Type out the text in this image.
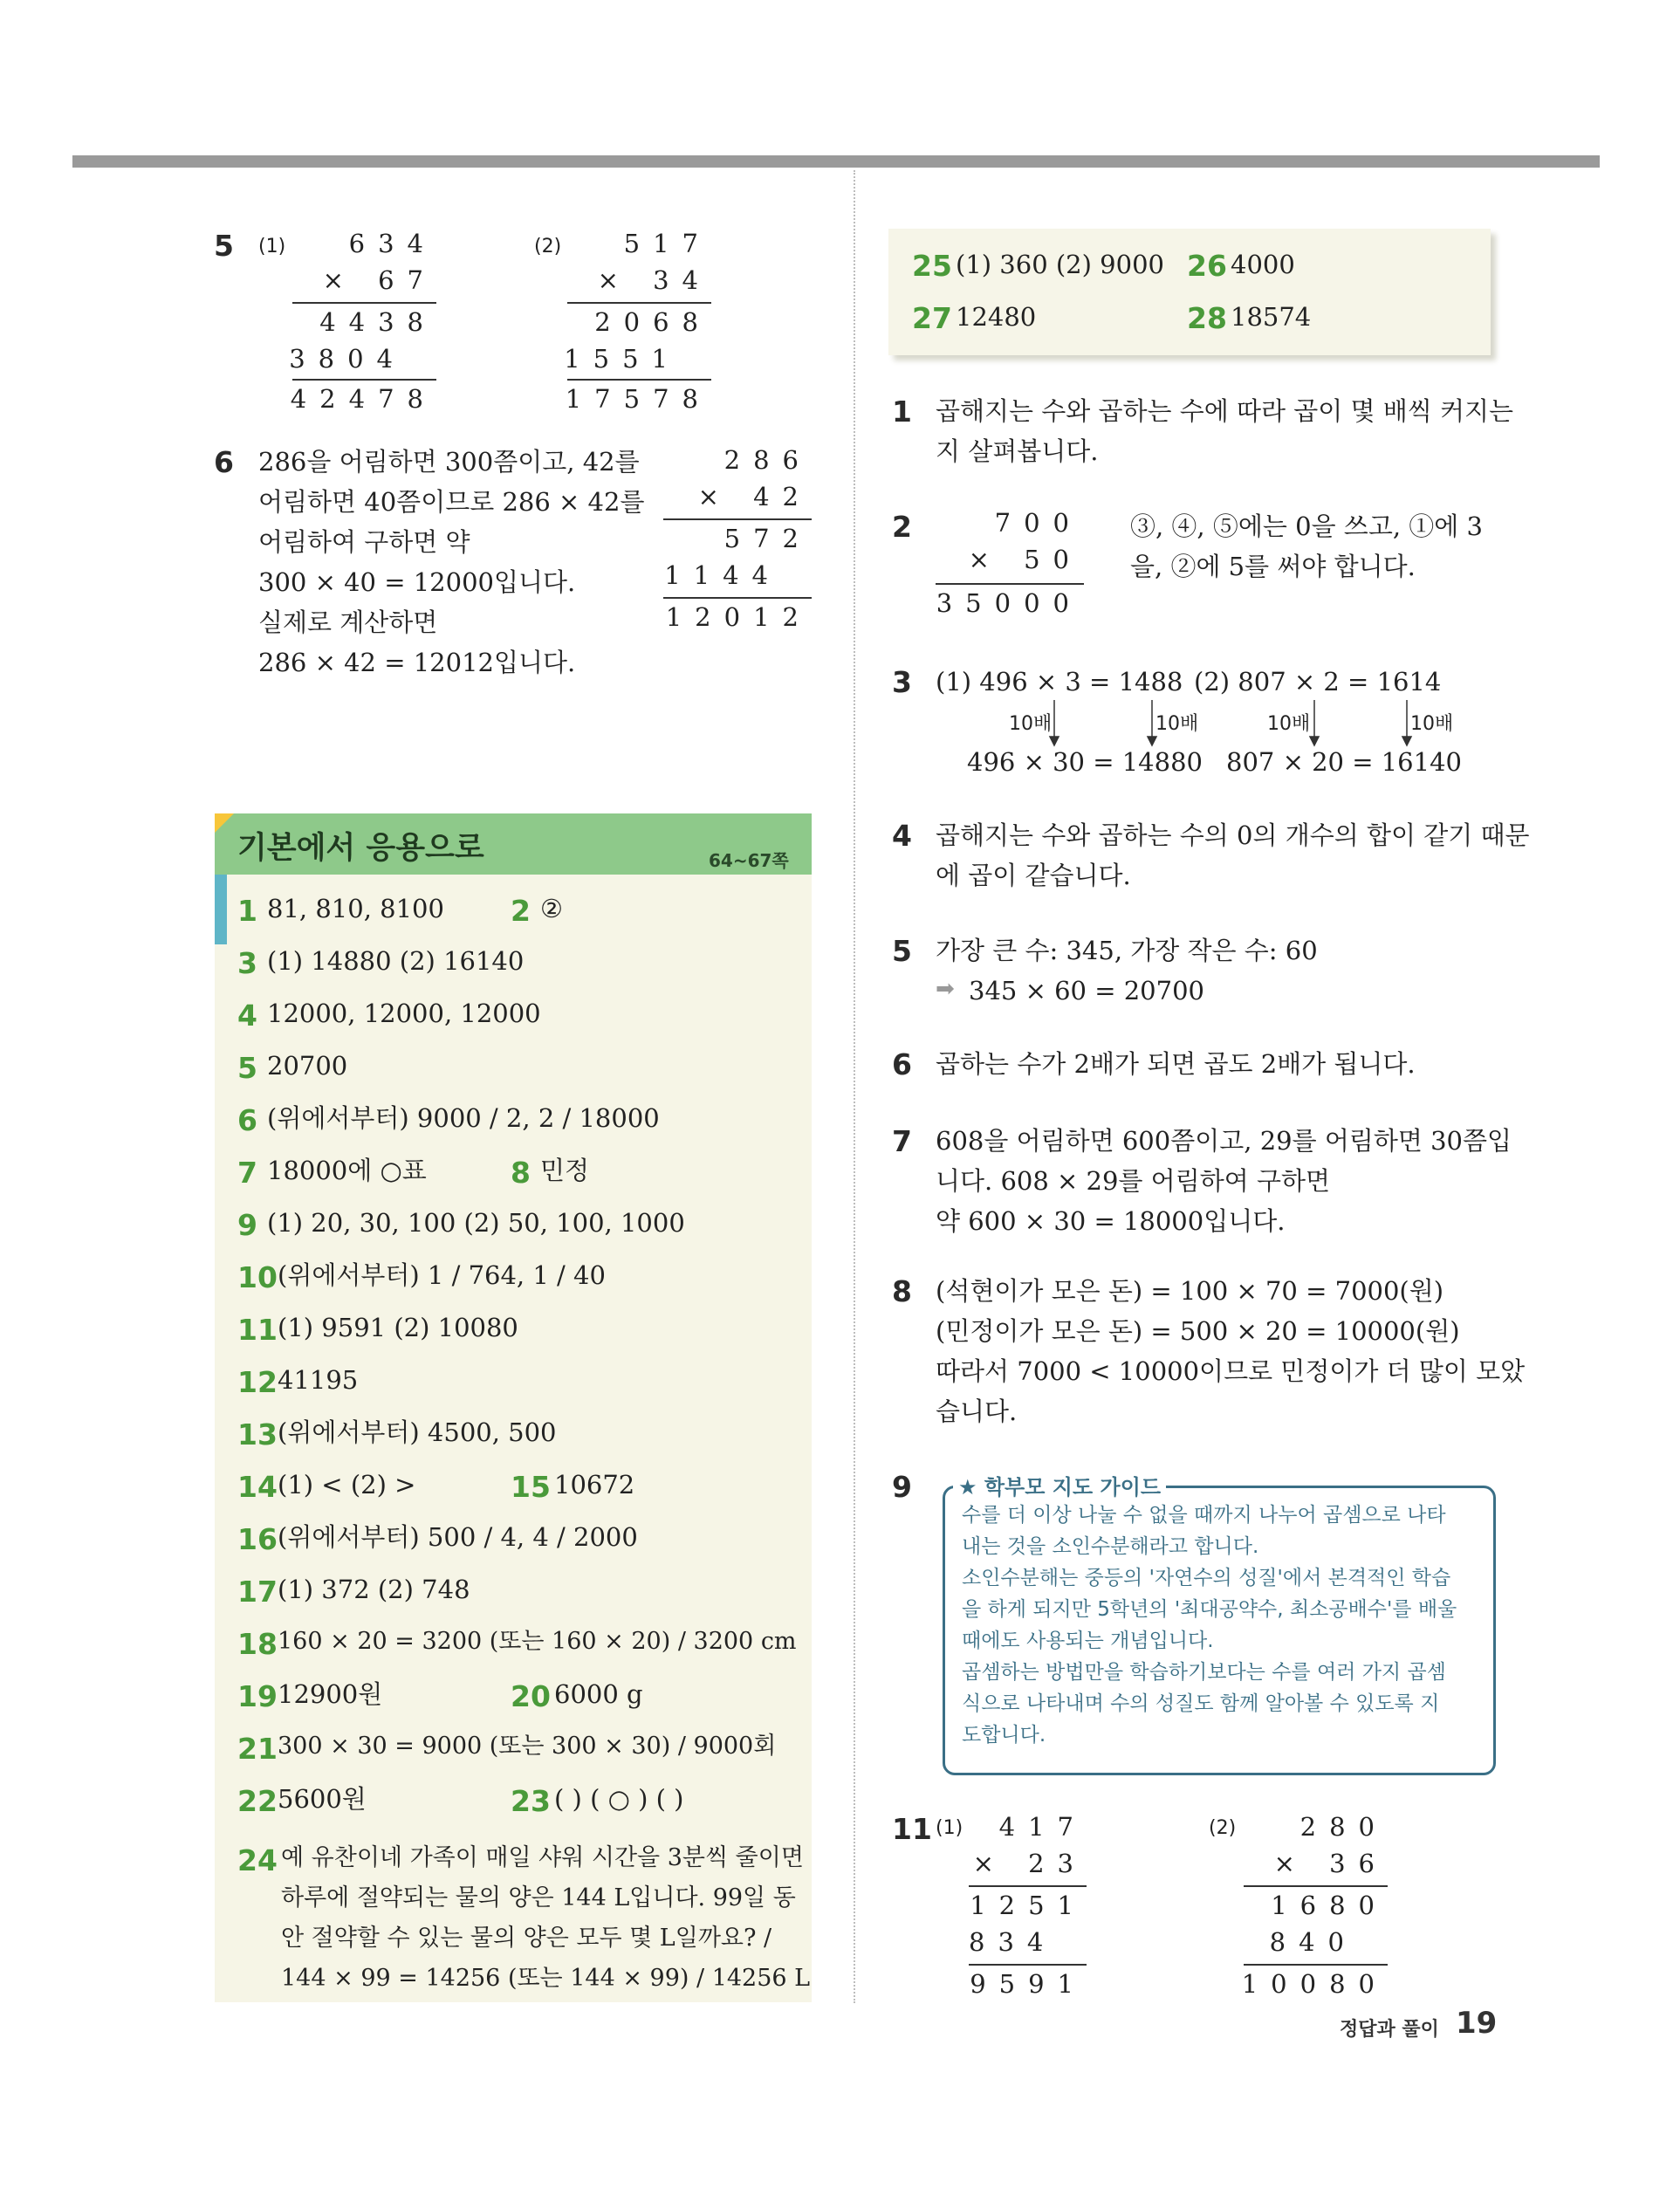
5 (1)	634
× 67
4438
3804
42478
(2)	517
× 34
2068
1551
17578
6 286을 어림하면 300쯤이고, 42를
어림하면 40쯤이므로 286 × 42를
어림하여 구하면 약
300 × 40 = 12000입니다.
실제로 계산하면
286 × 42 = 12012입니다.
286
× 42
572
1144
12012
기본에서 응용으로	64~67쪽
1 81, 810, 8100 2 ②
3 (1) 14880 (2) 16140
4 12000, 12000, 12000
5 20700
6 (위에서부터) 9000 / 2, 2 / 18000
7 18000에 ○표	8 민정
9 (1) 20, 30, 100 (2) 50, 100, 1000
10 (위에서부터) 1 / 764, 1 / 40
11 (1) 9591 (2) 10080
12 41195
13 (위에서부터) 4500, 500
14 (1) < (2) >	15 10672
16 (위에서부터) 500 / 4, 4 / 2000
17 (1) 372 (2) 748
18 160 × 20 = 3200 (또는 160 × 20) / 3200 cm
19 12900원	20 6000 g
21 300 × 30 = 9000 (또는 300 × 30) / 9000회
22 5600원	23 ( ) ( ○ ) ( )
24 예 유찬이네 가족이 매일 샤워 시간을 3분씩 줄이면
하루에 절약되는 물의 양은 144 L입니다. 99일 동
안 절약할 수 있는 물의 양은 모두 몇 L일까요? /
144 × 99 = 14256 (또는 144 × 99) / 14256 L
25 (1) 360 (2) 9000 26 4000
27 12480	28 18574
1 곱해지는 수와 곱하는 수에 따라 곱이 몇 배씩 커지는
지 살펴봅니다.
2	700
× 50
35000
③, ④, ⑤에는 0을 쓰고, ①에 3
을, ②에 5를 써야 합니다.
3 (1) 496 × 3 = 1488 (2) 807 × 2 = 1614
10배	10배	10배	10배
496 × 30 = 14880 807 × 20 = 16140
4 곱해지는 수와 곱하는 수의 0의 개수의 합이 같기 때문
에 곱이 같습니다.
5 가장 큰 수: 345, 가장 작은 수: 60
➡ 345 × 60 = 20700
6 곱하는 수가 2배가 되면 곱도 2배가 됩니다.
7 608을 어림하면 600쯤이고, 29를 어림하면 30쯤입
니다. 608 × 29를 어림하여 구하면
약 600 × 30 = 18000입니다.
8 (석현이가 모은 돈) = 100 × 70 = 7000(원)
(민정이가 모은 돈) = 500 × 20 = 10000(원)
따라서 7000 < 10000이므로 민정이가 더 많이 모았
습니다.
9 ★ 학부모 지도 가이드
수를 더 이상 나눌 수 없을 때까지 나누어 곱셈으로 나타
내는 것을 소인수분해라고 합니다.
소인수분해는 중등의 '자연수의 성질'에서 본격적인 학습
을 하게 되지만 5학년의 '최대공약수, 최소공배수'를 배울
때에도 사용되는 개념입니다.
곱셈하는 방법만을 학습하기보다는 수를 여러 가지 곱셈
식으로 나타내며 수의 성질도 함께 알아볼 수 있도록 지
도합니다.
11 (1)	417
× 23
1251
834
9591
(2)	280
× 36
1680
840
10080
정답과 풀이 19
